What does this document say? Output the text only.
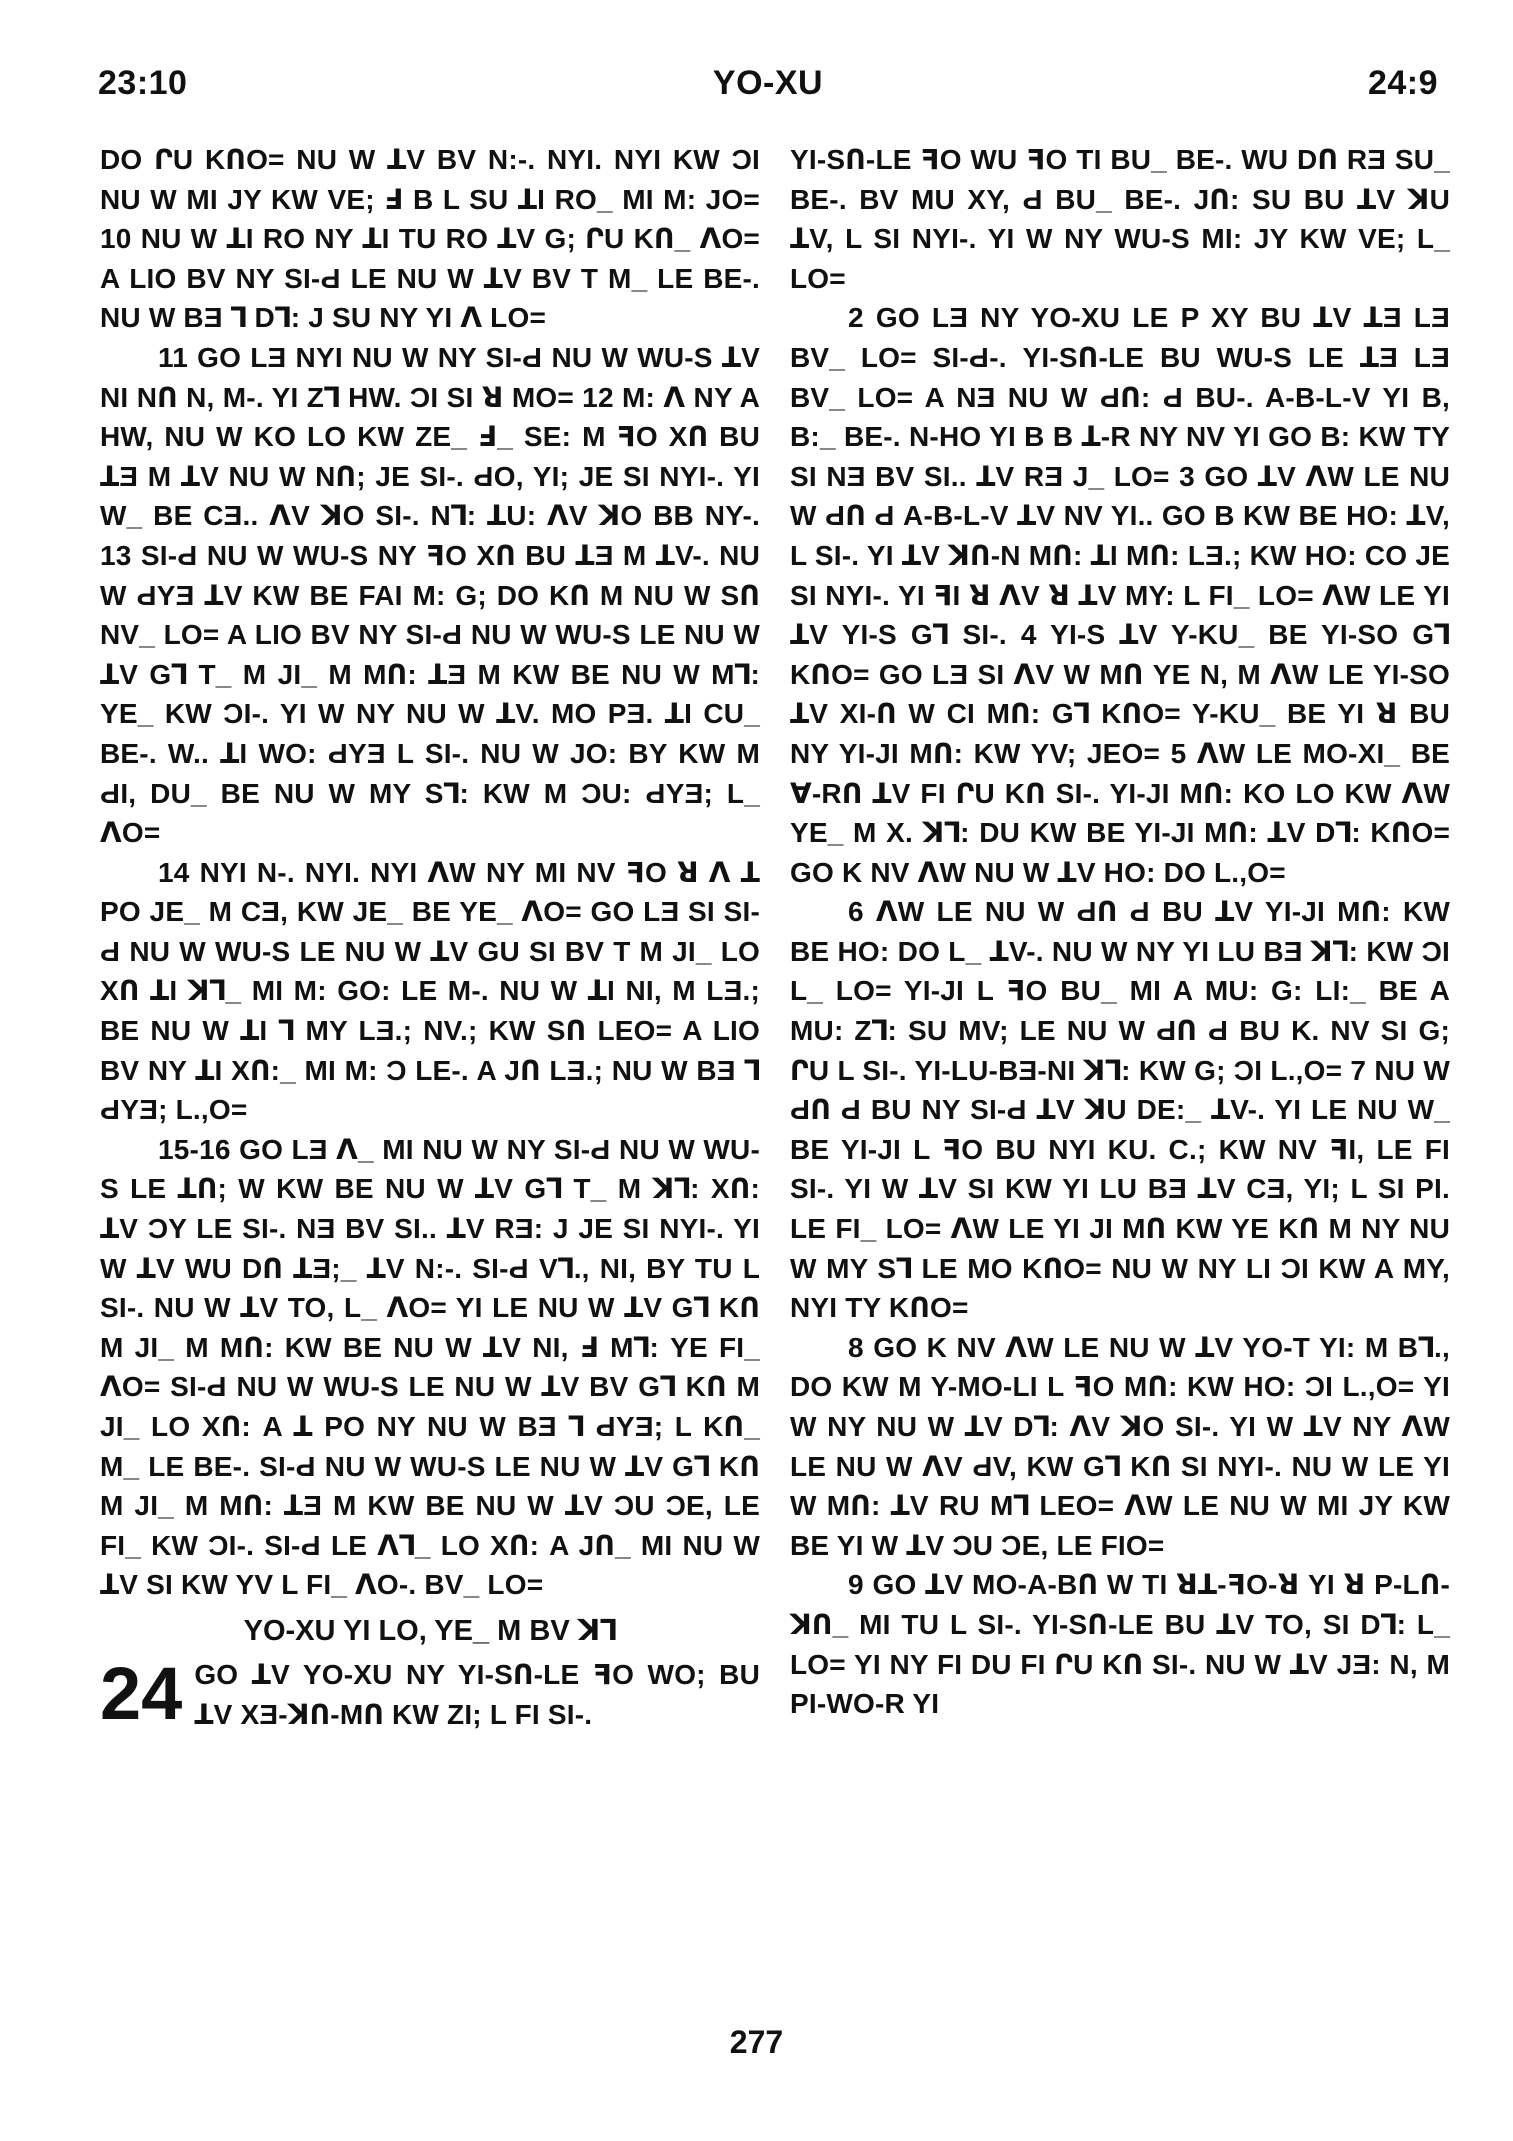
23:10	YO-XU	24:9

DO ՐU KՈO= NU W ꓕV BV N:-. NYI. NYI KW ƆI NU W MI JY KW VE; Ⅎ B L SU ꓕI RO_ MI M: JO= 10 NU W ꓕI RO NY ꓕI TU RO ꓕV G; ՐU KՈ_ ꓥO= A LIO BV NY SI-Ԁ LE NU W ꓕV BV T M_ LE BE-. NU W BƎ ꓶ Dꓶ: J SU NY YI ꓥ LO=

11 GO LƎ NYI NU W NY SI-Ԁ NU W WU-S ꓕV NI NՈ N, M-. YI Zꓶ HW. ƆI SI ꓤ MO= 12 M: ꓥ NY A HW, NU W KO LO KW ZE_ Ⅎ_ SE: M ꟻO XՈ BU ꓕƎ M ꓕV NU W NՈ; JE SI-. ԀO, YI; JE SI NYI-. YI W_ BE CƎ.. ꓥV ꓘO SI-. Nꓶ: ꓕU: ꓥV ꓘO BB NY-. 13 SI-Ԁ NU W WU-S NY ꟻO XՈ BU ꓕƎ M ꓕV-. NU W ԀYƎ ꓕV KW BE FAI M: G; DO KՈ M NU W SՈ NV_ LO= A LIO BV NY SI-Ԁ NU W WU-S LE NU W ꓕV Gꓶ T_ M JI_ M MՈ: ꓕƎ M KW BE NU W Mꓶ: YE_ KW ƆI-. YI W NY NU W ꓕV. MO PƎ. ꓕI CU_ BE-. W.. ꓕI WO: ԀYƎ L SI-. NU W JO: BY KW M ԀI, DU_ BE NU W MY Sꓶ: KW M ƆU: ԀYƎ; L_ ꓥO=

14 NYI N-. NYI. NYI ꓥW NY MI NV ꟻO ꓤ ꓥ ꓕ PO JE_ M CƎ, KW JE_ BE YE_ ꓥO= GO LƎ SI SI-Ԁ NU W WU-S LE NU W ꓕV GU SI BV T M JI_ LO XՈ ꓕI ꓘꓶ_ MI M: GO: LE M-. NU W ꓕI NI, M LƎ.; BE NU W ꓕI ꓶ MY LƎ.; NV.; KW SՈ LEO= A LIO BV NY ꓕI XՈ:_ MI M: Ɔ LE-. A JՈ LƎ.; NU W BƎ ꓶ ԀYƎ; L.,O=

15-16 GO LƎ ꓥ_ MI NU W NY SI-Ԁ NU W WU-S LE ꓕՈ; W KW BE NU W ꓕV Gꓶ T_ M ꓘꓶ: XՈ: ꓕV ƆY LE SI-. NƎ BV SI.. ꓕV RƎ: J JE SI NYI-. YI W ꓕV WU DՈ ꓕƎ;_ ꓕV N:-. SI-Ԁ Vꓶ., NI, BY TU L SI-. NU W ꓕV TO, L_ ꓥO= YI LE NU W ꓕV Gꓶ KՈ M JI_ M MՈ: KW BE NU W ꓕV NI, Ⅎ Mꓶ: YE FI_ ꓥO= SI-Ԁ NU W WU-S LE NU W ꓕV BV Gꓶ KՈ M JI_ LO XՈ: A ꓕ PO NY NU W BƎ ꓶ ԀYƎ; L KՈ_ M_ LE BE-. SI-Ԁ NU W WU-S LE NU W ꓕV Gꓶ KՈ M JI_ M MՈ: ꓕƎ M KW BE NU W ꓕV ƆU ƆE, LE FI_ KW ƆI-. SI-Ԁ LE ꓥꓶ_ LO XՈ: A JՈ_ MI NU W ꓕV SI KW YV L FI_ ꓥO-. BV_ LO=

YO-XU YI LO, YE_ M BV ꓘꓶ
24 GO ꓕV YO-XU NY YI-SՈ-LE ꟻO WO; BU ꓕV XƎ-ꓘՈ-MՈ KW ZI; L FI SI-.

YI-SՈ-LE ꟻO WU ꟻO TI BU_ BE-. WU DՈ RƎ SU_ BE-. BV MU XY, Ԁ BU_ BE-. JՈ: SU BU ꓕV ꓘU ꓕV, L SI NYI-. YI W NY WU-S MI: JY KW VE; L_ LO=

2 GO LƎ NY YO-XU LE P XY BU ꓕV ꓕƎ LƎ BV_ LO= SI-Ԁ-. YI-SՈ-LE BU WU-S LE ꓕƎ LƎ BV_ LO= A NƎ NU W ԀՈ: Ԁ BU-. A-B-L-V YI B, B:_ BE-. N-HO YI B B ꓕ-R NY NV YI GO B: KW TY SI NƎ BV SI.. ꓕV RƎ J_ LO= 3 GO ꓕV ꓥW LE NU W ԀՈ Ԁ A-B-L-V ꓕV NV YI.. GO B KW BE HO: ꓕV, L SI-. YI ꓕV ꓘՈ-N MՈ: ꓕI MՈ: LƎ.; KW HO: CO JE SI NYI-. YI ꟻI ꓤ ꓥV ꓤ ꓕV MY: L FI_ LO= ꓥW LE YI ꓕV YI-S Gꓶ SI-. 4 YI-S ꓕV Y-KU_ BE YI-SO Gꓶ KՈO= GO LƎ SI ꓥV W MՈ YE N, M ꓥW LE YI-SO ꓕV XI-Ո W CI MՈ: Gꓶ KՈO= Y-KU_ BE YI ꓤ BU NY YI-JI MՈ: KW YV; JEO= 5 ꓥW LE MO-XI_ BE ꓯ-RՈ ꓕV FI ՐU KՈ SI-. YI-JI MՈ: KO LO KW ꓥW YE_ M X. ꓘꓶ: DU KW BE YI-JI MՈ: ꓕV Dꓶ: KՈO= GO K NV ꓥW NU W ꓕV HO: DO L.,O=

6 ꓥW LE NU W ԀՈ Ԁ BU ꓕV YI-JI MՈ: KW BE HO: DO L_ ꓕV-. NU W NY YI LU BƎ ꓘꓶ: KW ƆI L_ LO= YI-JI L ꟻO BU_ MI A MU: G: LI:_ BE A MU: Zꓶ: SU MV; LE NU W ԀՈ Ԁ BU K. NV SI G; ՐU L SI-. YI-LU-BƎ-NI ꓘꓶ: KW G; ƆI L.,O= 7 NU W ԀՈ Ԁ BU NY SI-Ԁ ꓕV ꓘU DE:_ ꓕV-. YI LE NU W_ BE YI-JI L ꟻO BU NYI KU. C.; KW NV ꟻI, LE FI SI-. YI W ꓕV SI KW YI LU BƎ ꓕV CƎ, YI; L SI PI. LE FI_ LO= ꓥW LE YI JI MՈ KW YE KՈ M NY NU W MY Sꓶ LE MO KՈO= NU W NY LI ƆI KW A MY, NYI TY KՈO=

8 GO K NV ꓥW LE NU W ꓕV YO-T YI: M Bꓶ., DO KW M Y-MO-LI L ꟻO MՈ: KW HO: ƆI L.,O= YI W NY NU W ꓕV Dꓶ: ꓥV ꓘO SI-. YI W ꓕV NY ꓥW LE NU W ꓥV ԀV, KW Gꓶ KՈ SI NYI-. NU W LE YI W MՈ: ꓕV RU Mꓶ LEO= ꓥW LE NU W MI JY KW BE YI W ꓕV ƆU ƆE, LE FIO=

9 GO ꓕV MO-A-BՈ W TI ꓤꓕ-ꟻO-ꓤ YI ꓤ P-LՈ-ꓘՈ_ MI TU L SI-. YI-SՈ-LE BU ꓕV TO, SI Dꓶ: L_ LO= YI NY FI DU FI ՐU KՈ SI-. NU W ꓕV JƎ: N, M PI-WO-R YI

277
